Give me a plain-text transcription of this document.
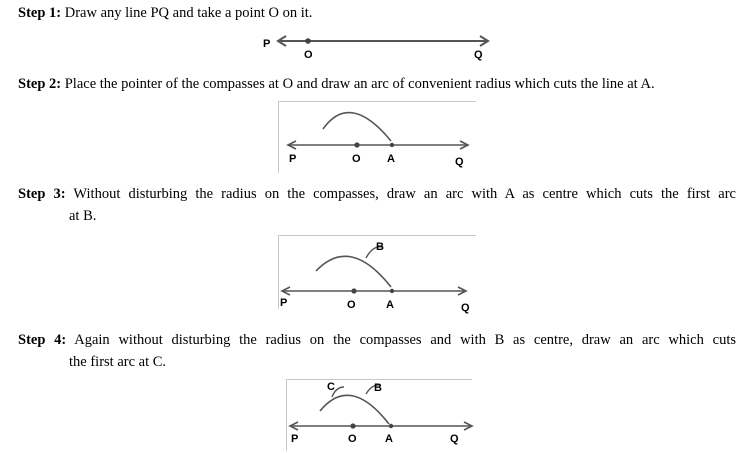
Step 1: Draw any line PQ and take a point O on it.
P
O	Q
Step 2: Place the pointer of the compasses at O and draw an arc of convenient radius which cuts the line at A.
P	O A	Q
Step 3: Without disturbing the radius on the compasses, draw an arc with A as centre which cuts the first arc
at B.
B
P	O	A	Q
Step 4: Again without disturbing the radius on the compasses and with B as centre, draw an arc which cuts
the first arc at C.
C	B
P	O	A	Q
